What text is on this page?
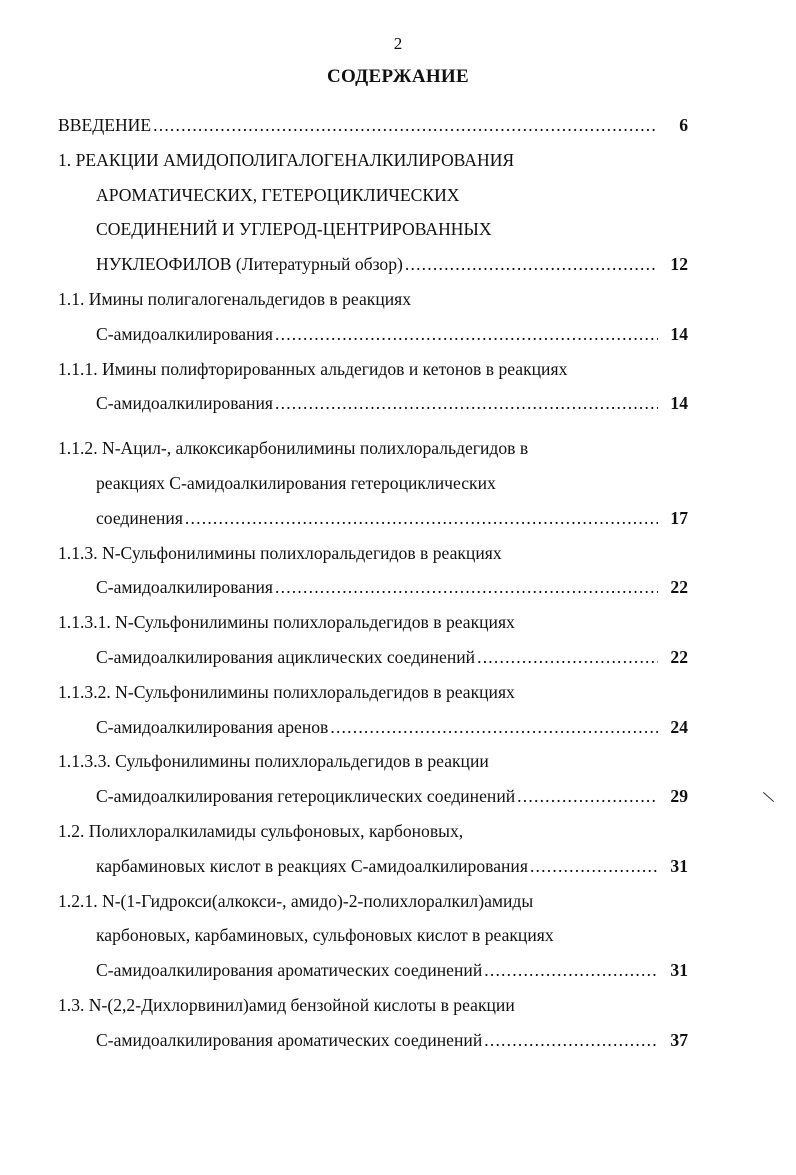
2
СОДЕРЖАНИЕ
ВВЕДЕНИЕ .....	6
1. РЕАКЦИИ АМИДОПОЛИГАЛОГЕНАЛКИЛИРОВАНИЯ
АРОМАТИЧЕСКИХ, ГЕТЕРОЦИКЛИЧЕСКИХ
СОЕДИНЕНИЙ И УГЛЕРОД-ЦЕНТРИРОВАННЫХ
НУКЛЕОФИЛОВ (Литературный обзор) .....	12
1.1. Имины полигалогенальдегидов в реакциях
С-амидоалкилирования .....	14
1.1.1. Имины полифторированных альдегидов и кетонов в реакциях
С-амидоалкилирования .....	14
1.1.2. N-Ацил-, алкоксикарбонилимины полихлоральдегидов в
реакциях С-амидоалкилирования гетероциклических
соединения .....	17
1.1.3. N-Сульфонилимины полихлоральдегидов в реакциях
С-амидоалкилирования .....	22
1.1.3.1. N-Сульфонилимины полихлоральдегидов в реакциях
С-амидоалкилирования ациклических соединений .....	22
1.1.3.2. N-Сульфонилимины полихлоральдегидов в реакциях
С-амидоалкилирования аренов .....	24
1.1.3.3. Сульфонилимины полихлоральдегидов в реакции
С-амидоалкилирования гетероциклических соединений .....	29
1.2. Полихлоралкиламиды сульфоновых, карбоновых,
карбаминовых кислот в реакциях С-амидоалкилирования .....	31
1.2.1. N-(1-Гидрокси(алкокси-, амидо)-2-полихлоралкил)амиды
карбоновых, карбаминовых, сульфоновых кислот в реакциях
С-амидоалкилирования ароматических соединений .....	31
1.3. N-(2,2-Дихлорвинил)амид бензойной кислоты в реакции
С-амидоалкилирования ароматических соединений .....	37
